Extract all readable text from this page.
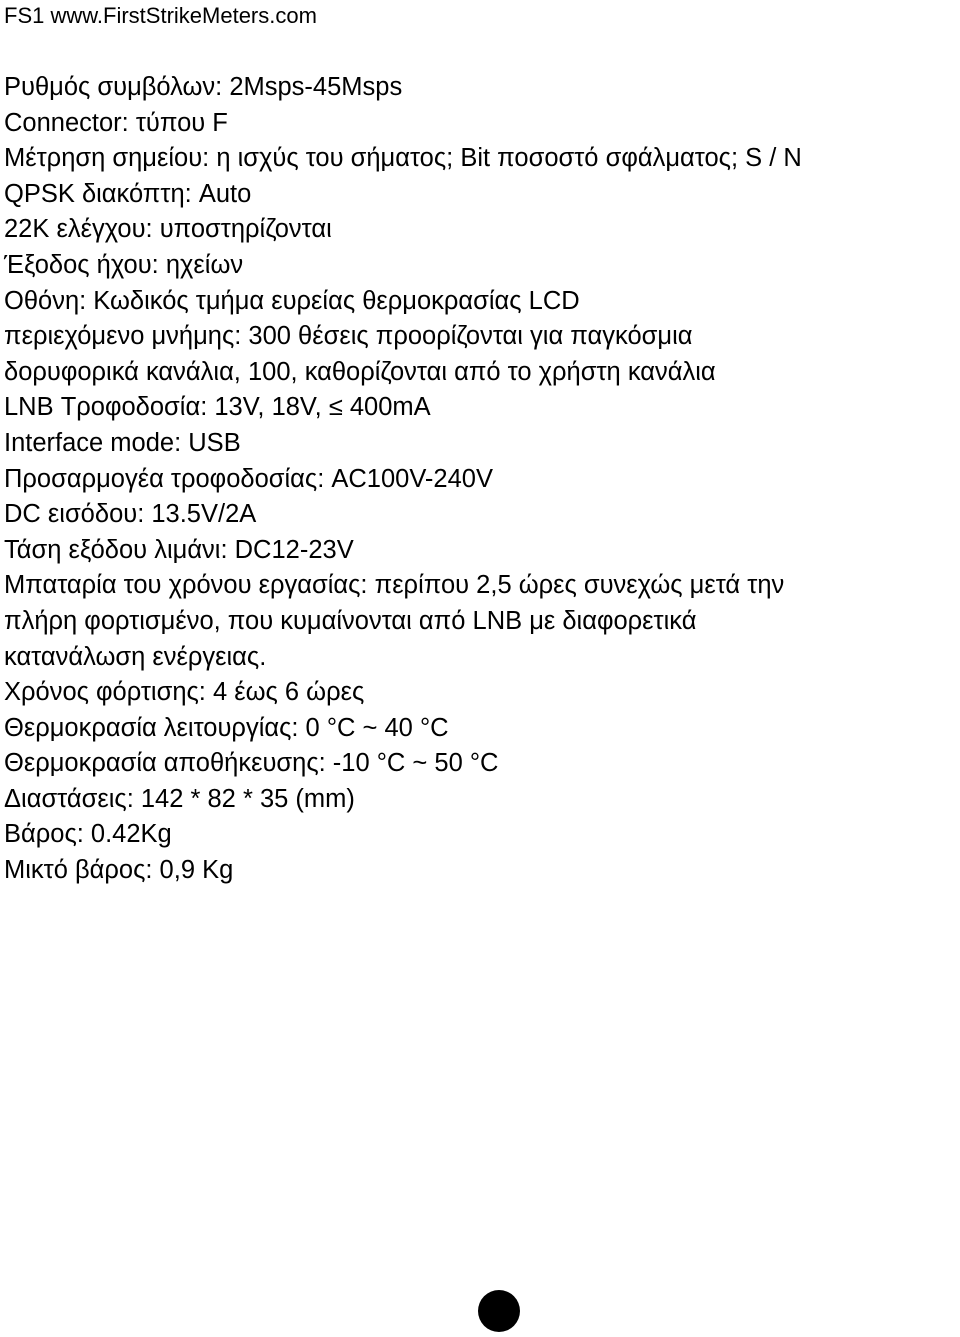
FS1 www.FirstStrikeMeters.com
Ρυθμός συμβόλων: 2Msps-45Msps
Connector: τύπου F
Μέτρηση σημείου: η ισχύς του σήματος; Bit ποσοστό σφάλματος; S / N
QPSK διακόπτη: Auto
22K ελέγχου: υποστηρίζονται
Έξοδος ήχου: ηχείων
Οθόνη: Κωδικός τμήμα ευρείας θερμοκρασίας LCD
περιεχόμενο μνήμης: 300 θέσεις προορίζονται για παγκόσμια
δορυφορικά κανάλια, 100, καθορίζονται από το χρήστη κανάλια
LNB Τροφοδοσία: 13V, 18V, ≤ 400mA
Interface mode: USB
Προσαρμογέα τροφοδοσίας: AC100V-240V
DC εισόδου: 13.5V/2A
Τάση εξόδου λιμάνι: DC12-23V
Μπαταρία του χρόνου εργασίας: περίπου 2,5 ώρες συνεχώς μετά την
πλήρη φορτισμένο, που κυμαίνονται από LNB με διαφορετικά
κατανάλωση ενέργειας.
Χρόνος φόρτισης: 4 έως 6 ώρες
Θερμοκρασία λειτουργίας: 0 °C ~ 40 °C
Θερμοκρασία αποθήκευσης: -10 °C ~ 50 °C
Διαστάσεις: 142 * 82 * 35 (mm)
Βάρος: 0.42Kg
Μικτό βάρος: 0,9 Kg
